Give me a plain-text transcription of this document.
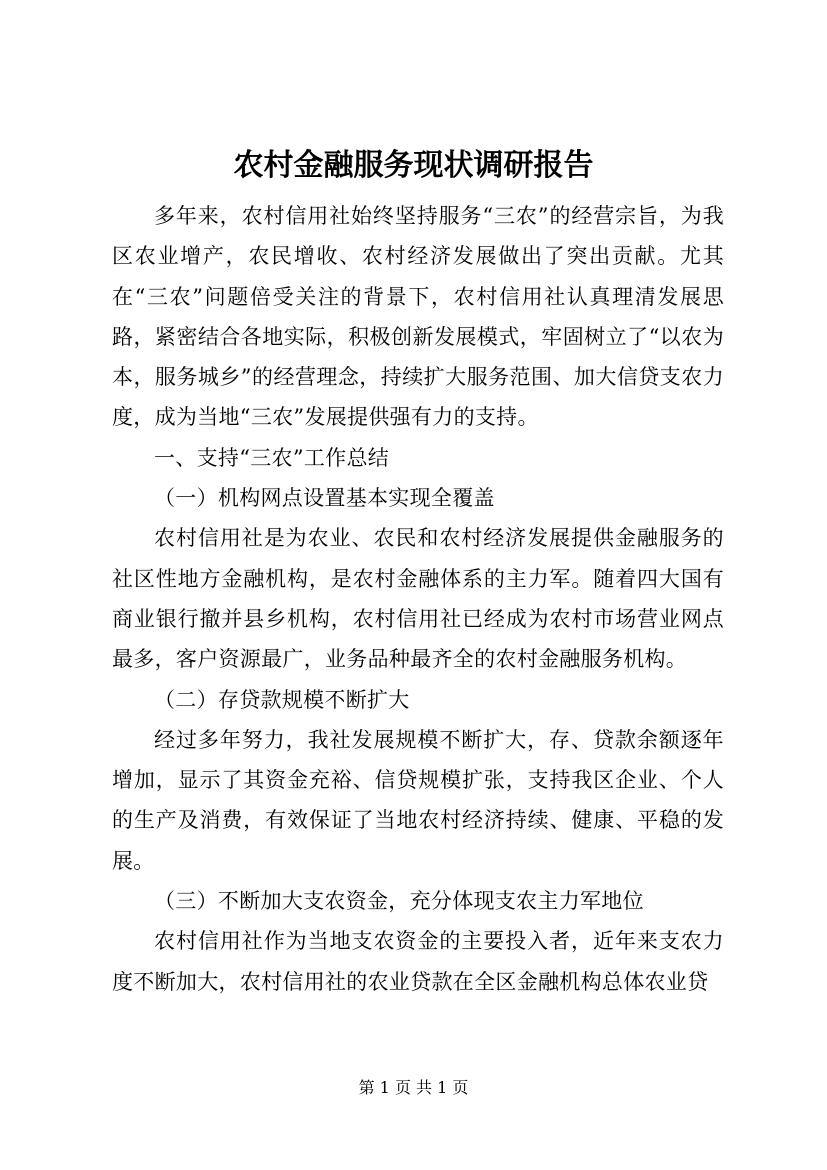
农村金融服务现状调研报告

多年来，农村信用社始终坚持服务“三农”的经营宗旨，为我区农业增产，农民增收、农村经济发展做出了突出贡献。尤其在“三农”问题倍受关注的背景下，农村信用社认真理清发展思路，紧密结合各地实际，积极创新发展模式，牢固树立了“以农为本，服务城乡”的经营理念，持续扩大服务范围、加大信贷支农力度，成为当地“三农”发展提供强有力的支持。

一、支持“三农”工作总结

（一）机构网点设置基本实现全覆盖

农村信用社是为农业、农民和农村经济发展提供金融服务的社区性地方金融机构，是农村金融体系的主力军。随着四大国有商业银行撤并县乡机构，农村信用社已经成为农村市场营业网点最多，客户资源最广，业务品种最齐全的农村金融服务机构。

（二）存贷款规模不断扩大

经过多年努力，我社发展规模不断扩大，存、贷款余额逐年增加，显示了其资金充裕、信贷规模扩张，支持我区企业、个人的生产及消费，有效保证了当地农村经济持续、健康、平稳的发展。

（三）不断加大支农资金，充分体现支农主力军地位

农村信用社作为当地支农资金的主要投入者，近年来支农力度不断加大，农村信用社的农业贷款在全区金融机构总体农业贷

第 1 页 共 1 页
